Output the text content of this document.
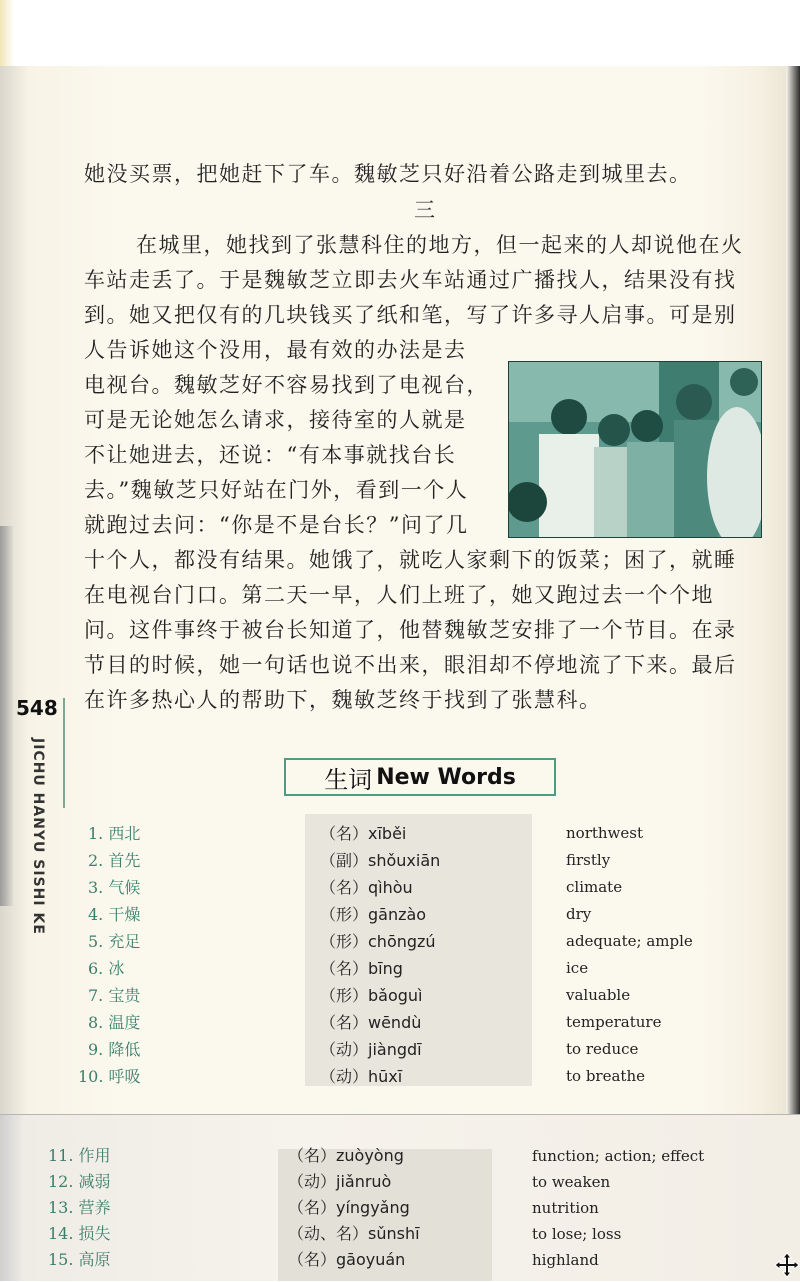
她没买票，把她赶下了车。魏敏芝只好沿着公路走到城里去。

三

在城里，她找到了张慧科住的地方，但一起来的人却说他在火
车站走丢了。于是魏敏芝立即去火车站通过广播找人，结果没有找
到。她又把仅有的几块钱买了纸和笔，写了许多寻人启事。可是别
人告诉她这个没用，最有效的办法是去
电视台。魏敏芝好不容易找到了电视台，
可是无论她怎么请求，接待室的人就是
不让她进去，还说：“有本事就找台长
去。”魏敏芝只好站在门外，看到一个人
就跑过去问：“你是不是台长？”问了几
十个人，都没有结果。她饿了，就吃人家剩下的饭菜；困了，就睡
在电视台门口。第二天一早，人们上班了，她又跑过去一个个地
问。这件事终于被台长知道了，他替魏敏芝安排了一个节目。在录
节目的时候，她一句话也说不出来，眼泪却不停地流了下来。最后
在许多热心人的帮助下，魏敏芝终于找到了张慧科。

548
JICHU HANYU SISHI KE	生词 New Words
1. 西北	（名）xīběi	northwest
2. 首先	（副）shǒuxiān	firstly
3. 气候	（名）qìhòu	climate
4. 干燥	（形）gānzào	dry
5. 充足	（形）chōngzú	adequate; ample
6. 冰	（名）bīng	ice
7. 宝贵	（形）bǎoguì	valuable
8. 温度	（名）wēndù	temperature
9. 降低	（动）jiàngdī	to reduce
10. 呼吸	（动）hūxī	to breathe
11. 作用	（名）zuòyòng	function; action; effect
12. 减弱	（动）jiǎnruò	to weaken
13. 营养	（名）yíngyǎng	nutrition
14. 损失	（动、名）sǔnshī	to lose; loss
15. 高原	（名）gāoyuán	highland
